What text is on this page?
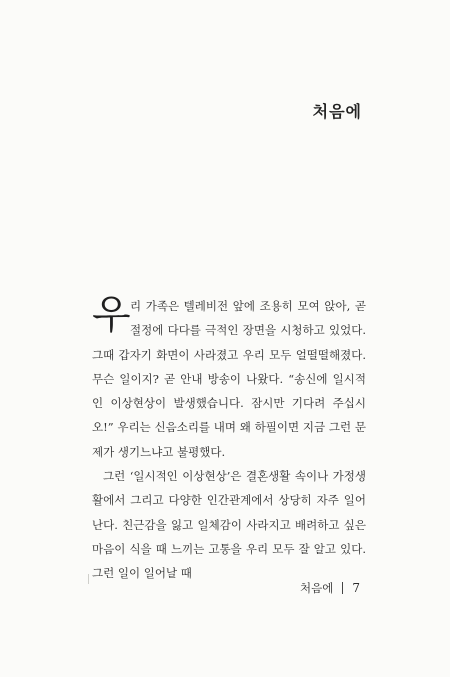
처음에

우리 가족은 텔레비전 앞에 조용히 모여 앉아, 곧 절정에 다다를 극적인 장면을 시청하고 있었다. 그때 갑자기 화면이 사라졌고 우리 모두 얼떨떨해졌다. 무슨 일이지? 곧 안내 방송이 나왔다. “송신에 일시적인 이상현상이 발생했습니다. 잠시만 기다려 주십시오!” 우리는 신음소리를 내며 왜 하필이면 지금 그런 문제가 생기느냐고 불평했다.

그런 ‘일시적인 이상현상’은 결혼생활 속이나 가정생활에서 그리고 다양한 인간관계에서 상당히 자주 일어난다. 친근감을 잃고 일체감이 사라지고 배려하고 싶은 마음이 식을 때 느끼는 고통을 우리 모두 잘 알고 있다. 그런 일이 일어날 때

처음에 7
